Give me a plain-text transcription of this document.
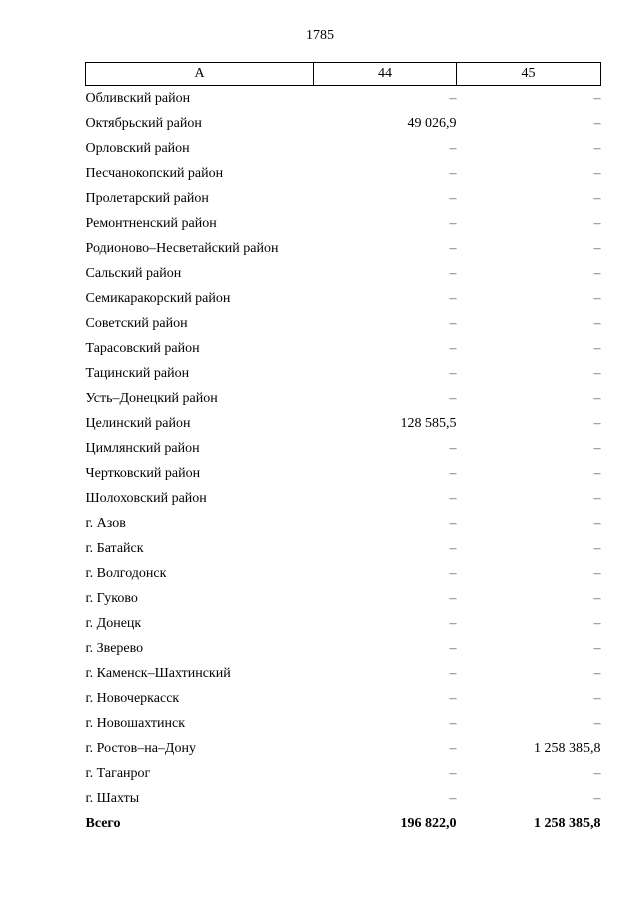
1785
А	44	45
Обливский район	–	–
Октябрьский район	49 026,9	–
Орловский район	–	–
Песчанокопский район	–	–
Пролетарский район	–	–
Ремонтненский район	–	–
Родионово–Несветайский район	–	–
Сальский район	–	–
Семикаракорский район	–	–
Советский район	–	–
Тарасовский район	–	–
Тацинский район	–	–
Усть–Донецкий район	–	–
Целинский район	128 585,5	–
Цимлянский район	–	–
Чертковский район	–	–
Шолоховский район	–	–
г. Азов	–	–
г. Батайск	–	–
г. Волгодонск	–	–
г. Гуково	–	–
г. Донецк	–	–
г. Зверево	–	–
г. Каменск–Шахтинский	–	–
г. Новочеркасск	–	–
г. Новошахтинск	–	–
г. Ростов–на–Дону	–	1 258 385,8
г. Таганрог	–	–
г. Шахты	–	–
Всего	196 822,0	1 258 385,8
